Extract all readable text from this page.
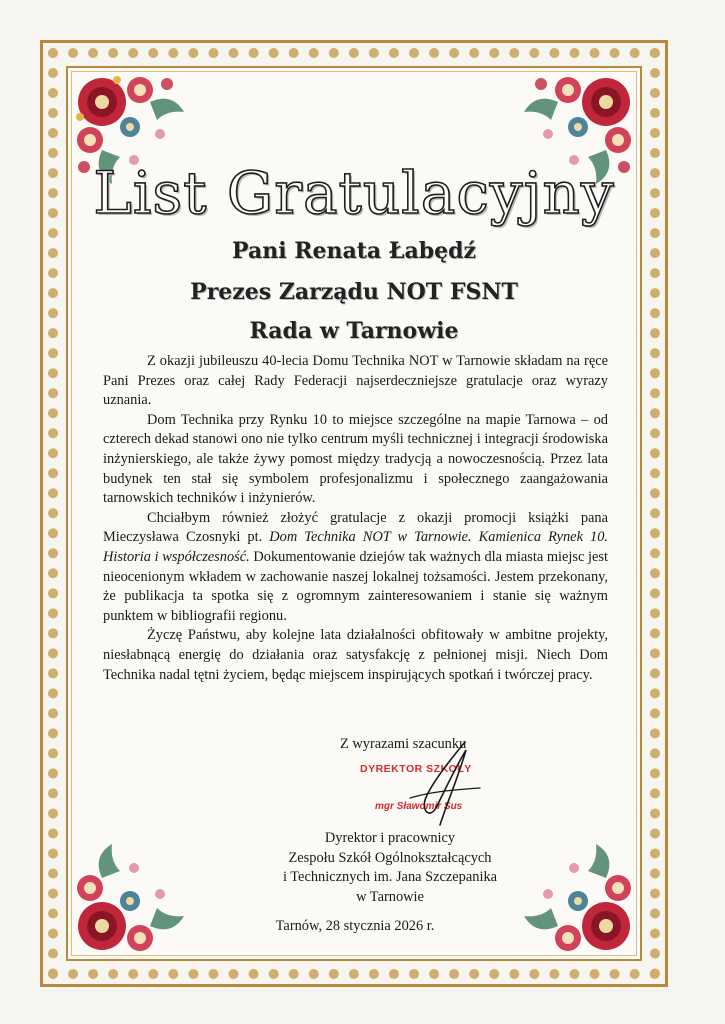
List Gratulacyjny
Pani Renata Łabędź
Prezes Zarządu NOT FSNT
Rada w Tarnowie

Z okazji jubileuszu 40-lecia Domu Technika NOT w Tarnowie składam na ręce Pani Prezes oraz całej Rady Federacji najserdeczniejsze gratulacje oraz wyrazy uznania.

Dom Technika przy Rynku 10 to miejsce szczególne na mapie Tarnowa – od czterech dekad stanowi ono nie tylko centrum myśli technicznej i integracji środowiska inżynierskiego, ale także żywy pomost między tradycją a nowoczesnością. Przez lata budynek ten stał się symbolem profesjonalizmu i społecznego zaangażowania tarnowskich techników i inżynierów.

Chciałbym również złożyć gratulacje z okazji promocji książki pana Mieczysława Czosnyki pt. Dom Technika NOT w Tarnowie. Kamienica Rynek 10. Historia i współczesność. Dokumentowanie dziejów tak ważnych dla miasta miejsc jest nieocenionym wkładem w zachowanie naszej lokalnej tożsamości. Jestem przekonany, że publikacja ta spotka się z ogromnym zainteresowaniem i stanie się ważnym punktem w bibliografii regionu.

Życzę Państwu, aby kolejne lata działalności obfitowały w ambitne projekty, niesłabnącą energię do działania oraz satysfakcję z pełnionej misji. Niech Dom Technika nadal tętni życiem, będąc miejscem inspirujących spotkań i twórczej pracy.

Z wyrazami szacunku
DYREKTOR SZKOŁY
mgr Sławomir Sus
Dyrektor i pracownicy
Zespołu Szkół Ogólnokształcących
i Technicznych im. Jana Szczepanika
w Tarnowie
Tarnów, 28 stycznia 2026 r.
